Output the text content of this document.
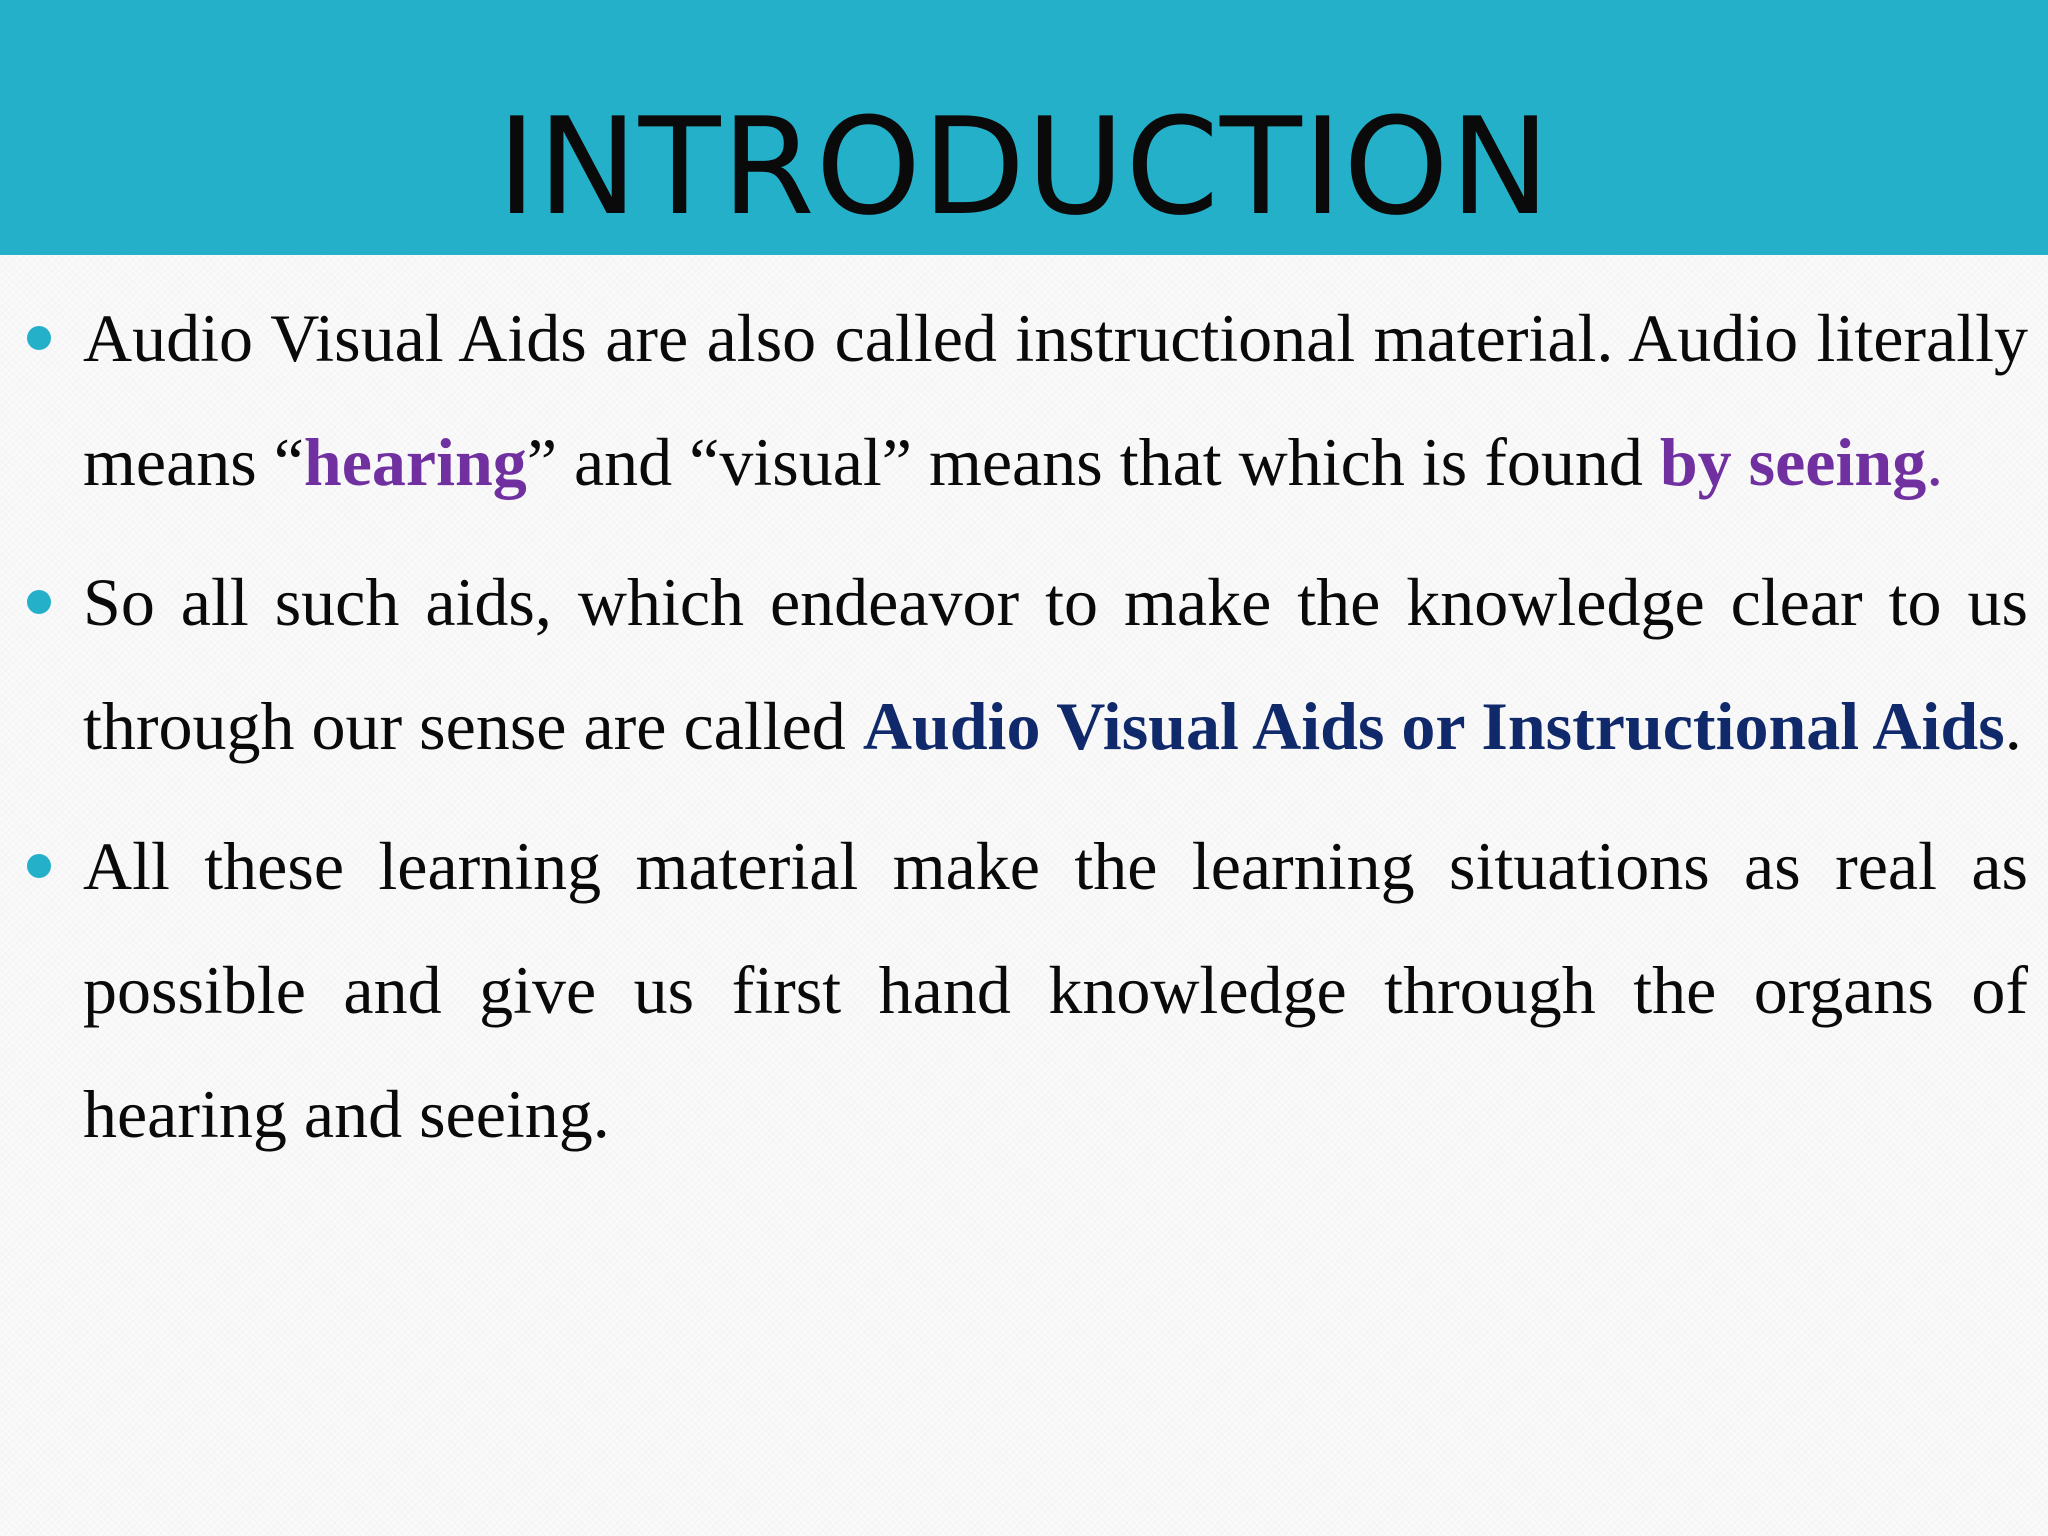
INTRODUCTION
Audio Visual Aids are also called instructional material. Audio literally means “hearing” and “visual” means that which is found by seeing.
So all such aids, which endeavor to make the knowledge clear to us through our sense are called Audio Visual Aids or Instructional Aids.
All these learning material make the learning situations as real as possible and give us first hand knowledge through the organs of hearing and seeing.
